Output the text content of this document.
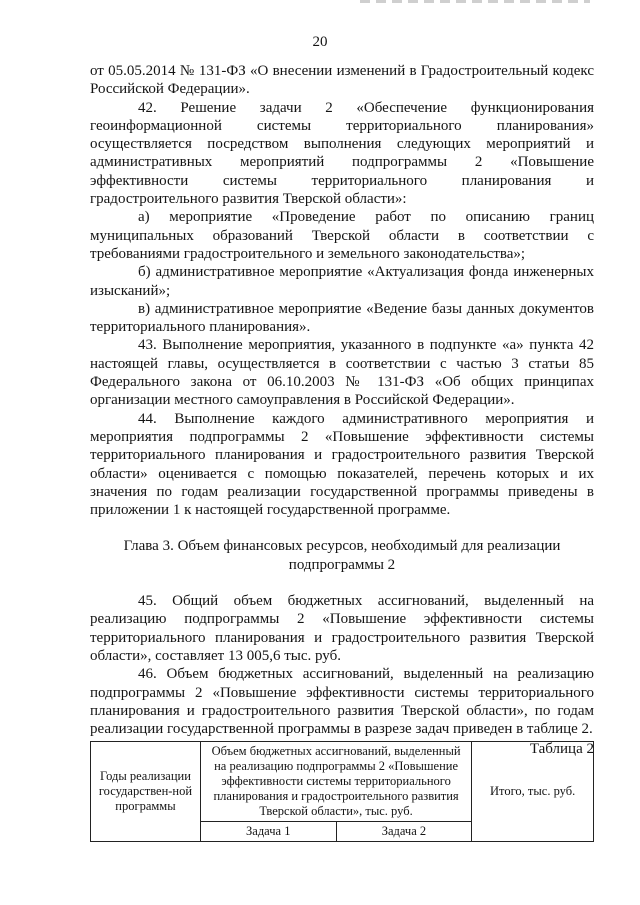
20

от 05.05.2014 № 131-ФЗ «О внесении изменений в Градостроительный кодекс Российской Федерации».

42. Решение задачи 2 «Обеспечение функционирования геоинформационной системы территориального планирования» осуществляется посредством выполнения следующих мероприятий и административных мероприятий подпрограммы 2 «Повышение эффективности системы территориального планирования и градостроительного развития Тверской области»:

а) мероприятие «Проведение работ по описанию границ муниципальных образований Тверской области в соответствии с требованиями градостроительного и земельного законодательства»;

б) административное мероприятие «Актуализация фонда инженерных изысканий»;

в) административное мероприятие «Ведение базы данных документов территориального планирования».

43. Выполнение мероприятия, указанного в подпункте «а» пункта 42 настоящей главы, осуществляется в соответствии с частью 3 статьи 85 Федерального закона от 06.10.2003 № 131-ФЗ «Об общих принципах организации местного самоуправления в Российской Федерации».

44. Выполнение каждого административного мероприятия и мероприятия подпрограммы 2 «Повышение эффективности системы территориального планирования и градостроительного развития Тверской области» оценивается с помощью показателей, перечень которых и их значения по годам реализации государственной программы приведены в приложении 1 к настоящей государственной программе.

Глава 3. Объем финансовых ресурсов, необходимый для реализации подпрограммы 2

45. Общий объем бюджетных ассигнований, выделенный на реализацию подпрограммы 2 «Повышение эффективности системы территориального планирования и градостроительного развития Тверской области», составляет 13 005,6 тыс. руб.

46. Объем бюджетных ассигнований, выделенный на реализацию подпрограммы 2 «Повышение эффективности системы территориального планирования и градостроительного развития Тверской области», по годам реализации государственной программы в разрезе задач приведен в таблице 2.

Таблица 2

Годы реализации государствен-ной программы	Объем бюджетных ассигнований, выделенный на реализацию подпрограммы 2 «Повышение эффективности системы территориального планирования и градостроительного развития Тверской области», тыс. руб.		Итого, тыс. руб.
	Задача 1	Задача 2	
